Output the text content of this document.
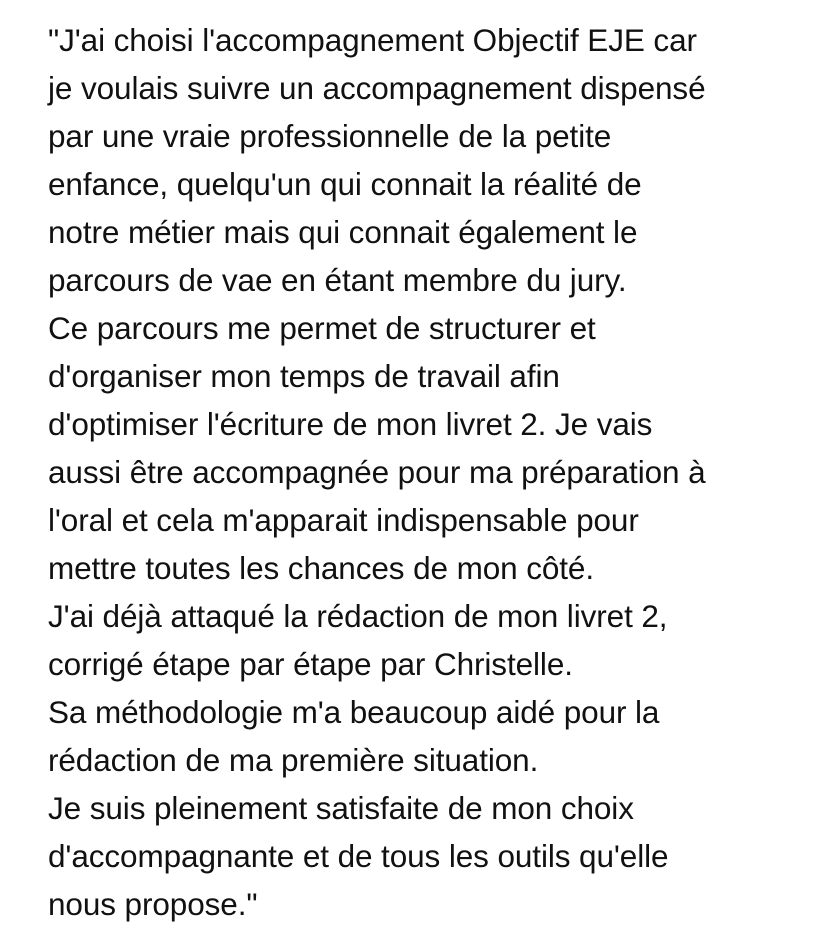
"J'ai choisi l'accompagnement Objectif EJE car
je voulais suivre un accompagnement dispensé
par une vraie professionnelle de la petite
enfance, quelqu'un qui connait la réalité de
notre métier mais qui connait également le
parcours de vae en étant membre du jury.
Ce parcours me permet de structurer et
d'organiser mon temps de travail afin
d'optimiser l'écriture de mon livret 2. Je vais
aussi être accompagnée pour ma préparation à
l'oral et cela m'apparait indispensable pour
mettre toutes les chances de mon côté.
J'ai déjà attaqué la rédaction de mon livret 2,
corrigé étape par étape par Christelle.
Sa méthodologie m'a beaucoup aidé pour la
rédaction de ma première situation.
Je suis pleinement satisfaite de mon choix
d'accompagnante et de tous les outils qu'elle
nous propose."
